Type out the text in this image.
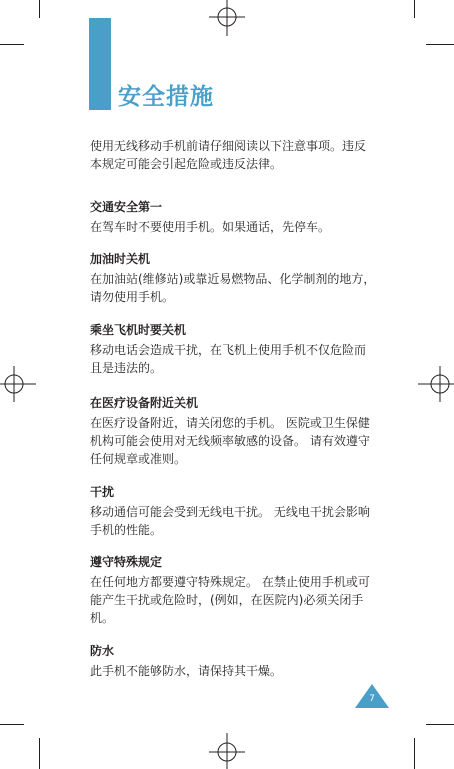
安全措施

使用无线移动手机前请仔细阅读以下注意事项。违反本规定可能会引起危险或违反法律。

交通安全第一

在驾车时不要使用手机。如果通话，先停车。

加油时关机

在加油站(维修站)或靠近易燃物品、化学制剂的地方，请勿使用手机。

乘坐飞机时要关机

移动电话会造成干扰，在飞机上使用手机不仅危险而且是违法的。

在医疗设备附近关机

在医疗设备附近，请关闭您的手机。 医院或卫生保健机构可能会使用对无线频率敏感的设备。 请有效遵守任何规章或准则。

干扰

移动通信可能会受到无线电干扰。 无线电干扰会影响手机的性能。

遵守特殊规定

在任何地方都要遵守特殊规定。 在禁止使用手机或可能产生干扰或危险时，(例如，在医院内)必须关闭手机。

防水

此手机不能够防水，请保持其干燥。

7
